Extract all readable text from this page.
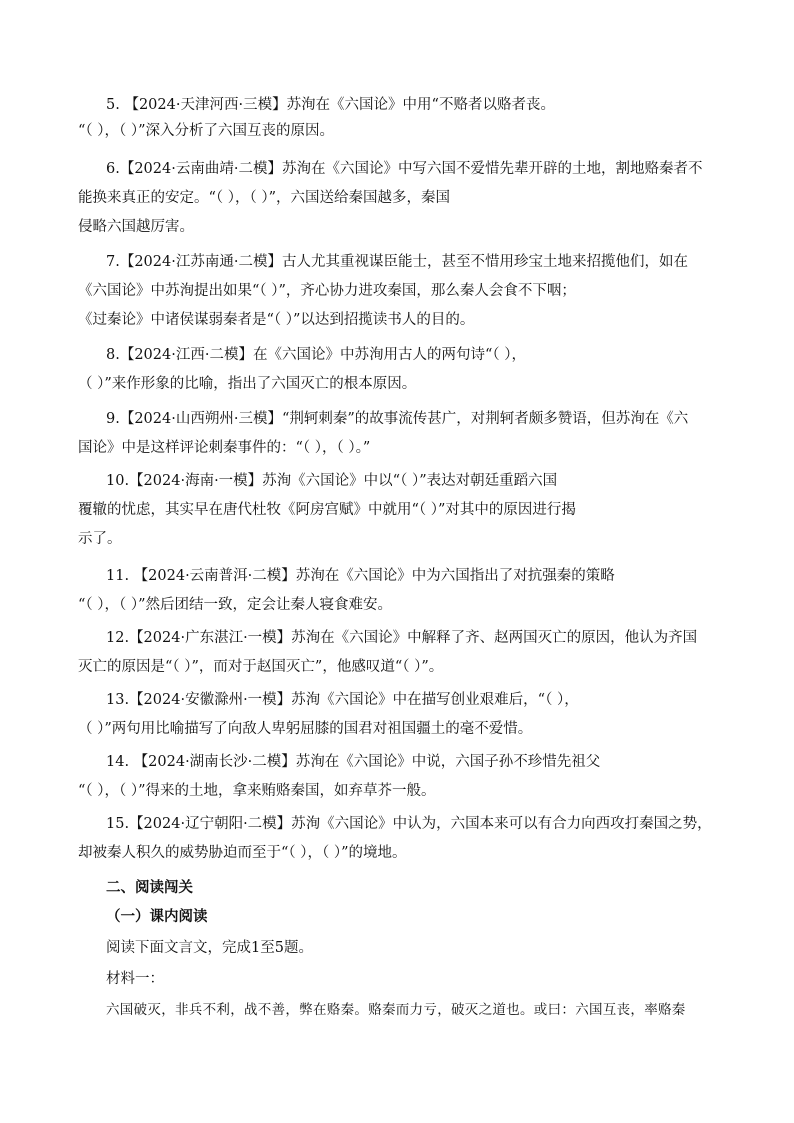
5. 【2024·天津河西·三模】苏洵在《六国论》中用“不赂者以赂者丧。
“（ ），（ ）”深入分析了六国互丧的原因。
6.【2024·云南曲靖·二模】苏洵在《六国论》中写六国不爱惜先辈开辟的土地，割地赂秦者不
能换来真正的安定。“（ ），（ ）”，六国送给秦国越多，秦国
侵略六国越厉害。
7.【2024·江苏南通·二模】古人尤其重视谋臣能士，甚至不惜用珍宝土地来招揽他们，如在
《六国论》中苏洵提出如果“（ ）”，齐心协力进攻秦国，那么秦人会食不下咽；
《过秦论》中诸侯谋弱秦者是“（ ）”以达到招揽读书人的目的。
8.【2024·江西·二模】在《六国论》中苏洵用古人的两句诗“（ ），
（ ）”来作形象的比喻，指出了六国灭亡的根本原因。
9.【2024·山西朔州·三模】“荆轲刺秦”的故事流传甚广，对荆轲者颇多赞语，但苏洵在《六
国论》中是这样评论刺秦事件的：“（ ），（ ）。”
10.【2024·海南·一模】苏洵《六国论》中以“（ ）”表达对朝廷重蹈六国
覆辙的忧虑，其实早在唐代杜牧《阿房宫赋》中就用“（ ）”对其中的原因进行揭
示了。
11. 【2024·云南普洱·二模】苏洵在《六国论》中为六国指出了对抗强秦的策略
“（ ），（ ）”然后团结一致，定会让秦人寝食难安。
12.【2024·广东湛江·一模】苏洵在《六国论》中解释了齐、赵两国灭亡的原因，他认为齐国
灭亡的原因是“（ ）”，而对于赵国灭亡”，他感叹道“（ ）”。
13.【2024·安徽滁州·一模】苏洵《六国论》中在描写创业艰难后，“（ ），
（ ）”两句用比喻描写了向敌人卑躬屈膝的国君对祖国疆土的毫不爱惜。
14. 【2024·湖南长沙·二模】苏洵在《六国论》中说，六国子孙不珍惜先祖父
“（ ），（ ）”得来的土地，拿来贿赂秦国，如弃草芥一般。
15.【2024·辽宁朝阳·二模】苏洵《六国论》中认为，六国本来可以有合力向西攻打秦国之势，
却被秦人积久的威势胁迫而至于“（ ），（ ）”的境地。
二、阅读闯关
（一）课内阅读
阅读下面文言文，完成1至5题。
材料一：
六国破灭，非兵不利，战不善，弊在赂秦。赂秦而力亏，破灭之道也。或曰：六国互丧，率赂秦
